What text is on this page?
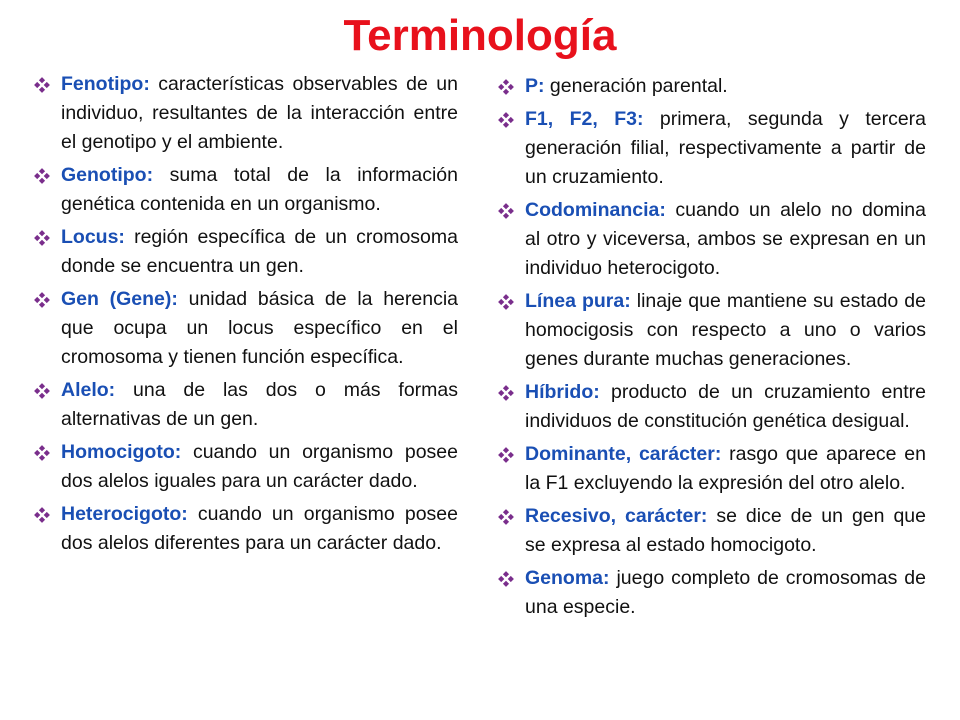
Terminología
Fenotipo: características observables de un individuo, resultantes de la interacción entre el genotipo y el ambiente.
Genotipo: suma total de la información genética contenida en un organismo.
Locus: región específica de un cromosoma donde se encuentra un gen.
Gen (Gene): unidad básica de la herencia que ocupa un locus específico en el cromosoma y tienen función específica.
Alelo: una de las dos o más formas alternativas de un gen.
Homocigoto: cuando un organismo posee dos alelos iguales para un carácter dado.
Heterocigoto: cuando un organismo posee dos alelos diferentes para un carácter dado.
P: generación parental.
F1, F2, F3: primera, segunda y tercera generación filial, respectivamente a partir de un cruzamiento.
Codominancia: cuando un alelo no domina al otro y viceversa, ambos se expresan en un individuo heterocigoto.
Línea pura: linaje que mantiene su estado de homocigosis con respecto a uno o varios genes durante muchas generaciones.
Híbrido: producto de un cruzamiento entre individuos de constitución genética desigual.
Dominante, carácter: rasgo que aparece en la F1 excluyendo la expresión del otro alelo.
Recesivo, carácter: se dice de un gen que se expresa al estado homocigoto.
Genoma: juego completo de cromosomas de una especie.
